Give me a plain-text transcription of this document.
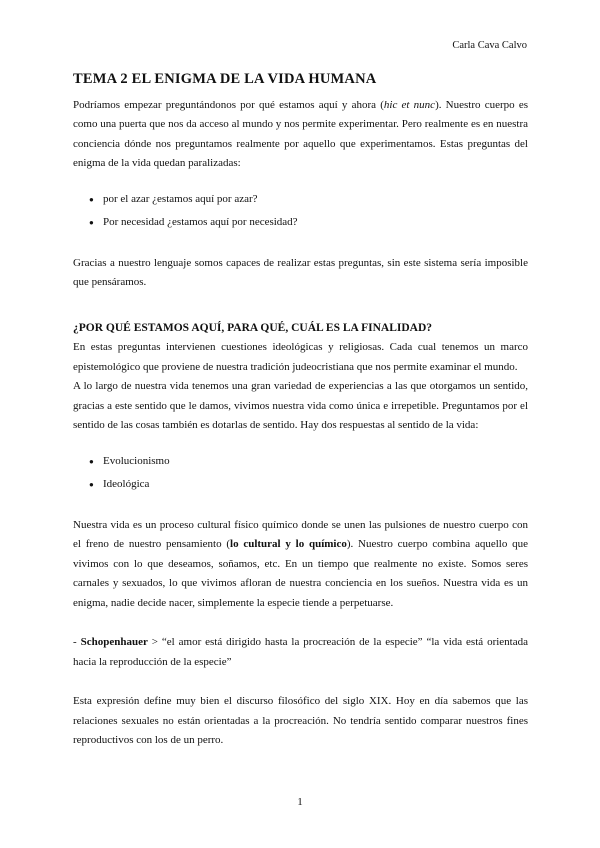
Carla Cava Calvo
TEMA 2 EL ENIGMA DE LA VIDA HUMANA

Podríamos empezar preguntándonos por qué estamos aquí y ahora (hic et nunc). Nuestro cuerpo es como una puerta que nos da acceso al mundo y nos permite experimentar. Pero realmente es en nuestra conciencia dónde nos preguntamos realmente por aquello que experimentamos. Estas preguntas del enigma de la vida quedan paralizadas:

● por el azar ¿estamos aquí por azar?
● Por necesidad ¿estamos aquí por necesidad?

Gracias a nuestro lenguaje somos capaces de realizar estas preguntas, sin este sistema sería imposible que pensáramos.

¿POR QUÉ ESTAMOS AQUÍ, PARA QUÉ, CUÁL ES LA FINALIDAD?

En estas preguntas intervienen cuestiones ideológicas y religiosas. Cada cual tenemos un marco epistemológico que proviene de nuestra tradición judeocristiana que nos permite examinar el mundo.

A lo largo de nuestra vida tenemos una gran variedad de experiencias a las que otorgamos un sentido, gracias a este sentido que le damos, vivimos nuestra vida como única e irrepetible. Preguntamos por el sentido de las cosas también es dotarlas de sentido. Hay dos respuestas al sentido de la vida:

● Evolucionismo
● Ideológica

Nuestra vida es un proceso cultural físico químico donde se unen las pulsiones de nuestro cuerpo con el freno de nuestro pensamiento (lo cultural y lo químico). Nuestro cuerpo combina aquello que vivimos con lo que deseamos, soñamos, etc. En un tiempo que realmente no existe. Somos seres carnales y sexuados, lo que vivimos afloran de nuestra conciencia en los sueños. Nuestra vida es un enigma, nadie decide nacer, simplemente la especie tiende a perpetuarse.

- Schopenhauer > “el amor está dirigido hasta la procreación de la especie” “la vida está orientada hacia la reproducción de la especie”

Esta expresión define muy bien el discurso filosófico del siglo XIX. Hoy en día sabemos que las relaciones sexuales no están orientadas a la procreación. No tendría sentido comparar nuestros fines reproductivos con los de un perro.

1
